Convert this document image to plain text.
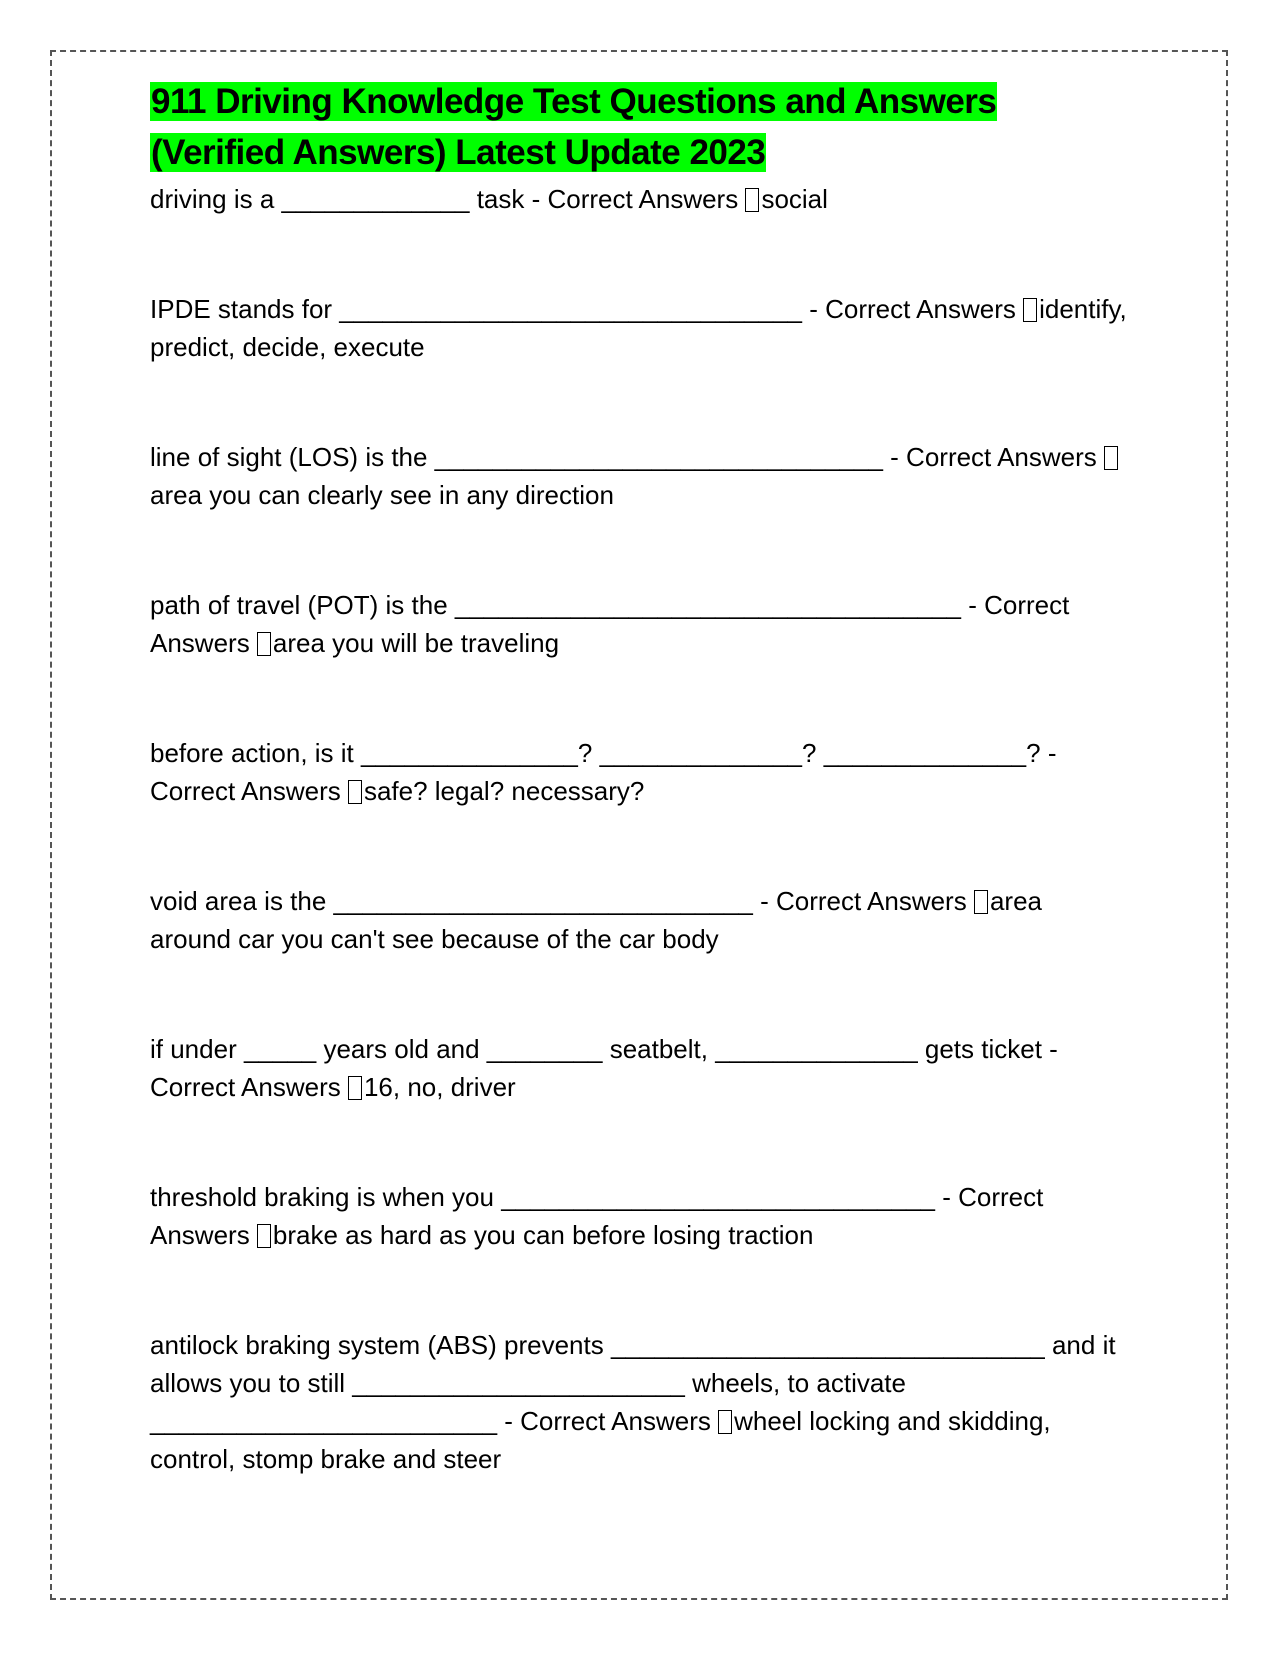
911 Driving Knowledge Test Questions and Answers
(Verified Answers) Latest Update 2023

driving is a _____________ task - Correct Answers social

IPDE stands for ________________________________ - Correct Answers identify, predict, decide, execute

line of sight (LOS) is the _______________________________ - Correct Answers area you can clearly see in any direction

path of travel (POT) is the ___________________________________ - Correct Answers area you will be traveling

before action, is it _______________? ______________? ______________? - Correct Answers safe? legal? necessary?

void area is the _____________________________ - Correct Answers area around car you can't see because of the car body

if under _____ years old and ________ seatbelt, ______________ gets ticket - Correct Answers 16, no, driver

threshold braking is when you ______________________________ - Correct Answers brake as hard as you can before losing traction

antilock braking system (ABS) prevents ______________________________ and it allows you to still _______________________ wheels, to activate ________________________ - Correct Answers wheel locking and skidding, control, stomp brake and steer
